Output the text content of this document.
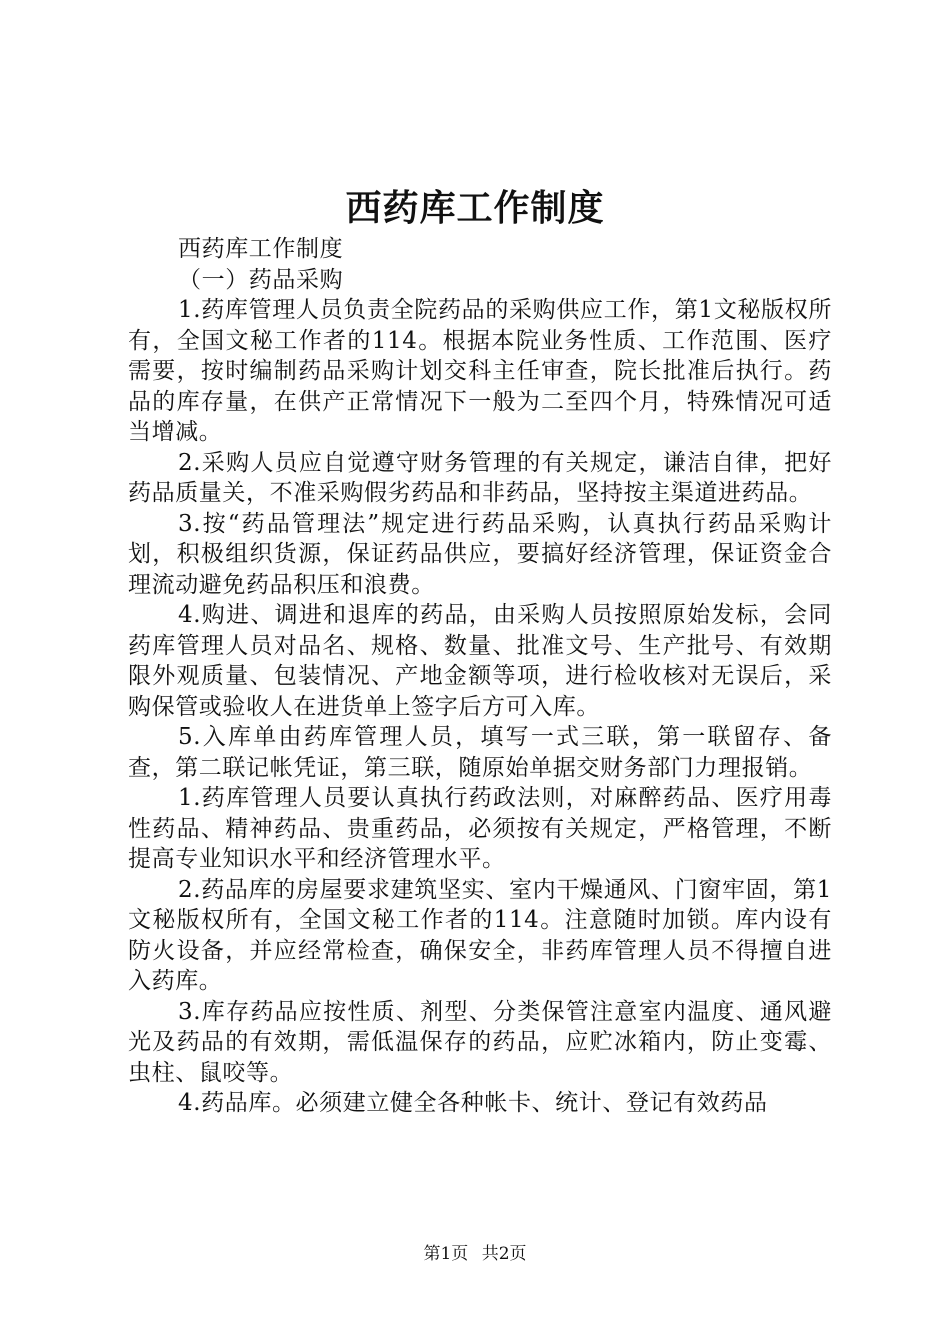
西药库工作制度

西药库工作制度

（一）药品采购

1.药库管理人员负责全院药品的采购供应工作，第1文秘版权所有，全国文秘工作者的114。根据本院业务性质、工作范围、医疗需要，按时编制药品采购计划交科主任审查，院长批准后执行。药品的库存量，在供产正常情况下一般为二至四个月，特殊情况可适当增减。

2.采购人员应自觉遵守财务管理的有关规定，谦洁自律，把好药品质量关，不准采购假劣药品和非药品，坚持按主渠道进药品。

3.按“药品管理法”规定进行药品采购，认真执行药品采购计划，积极组织货源，保证药品供应，要搞好经济管理，保证资金合理流动避免药品积压和浪费。

4.购进、调进和退库的药品，由采购人员按照原始发标，会同药库管理人员对品名、规格、数量、批准文号、生产批号、有效期限外观质量、包装情况、产地金额等项，进行检收核对无误后，采购保管或验收人在进货单上签字后方可入库。

5.入库单由药库管理人员，填写一式三联，第一联留存、备查，第二联记帐凭证，第三联，随原始单据交财务部门力理报销。

1.药库管理人员要认真执行药政法则，对麻醉药品、医疗用毒性药品、精神药品、贵重药品，必须按有关规定，严格管理，不断提高专业知识水平和经济管理水平。

2.药品库的房屋要求建筑坚实、室内干燥通风、门窗牢固，第1文秘版权所有，全国文秘工作者的114。注意随时加锁。库内设有防火设备，并应经常检查，确保安全，非药库管理人员不得擅自进入药库。

3.库存药品应按性质、剂型、分类保管注意室内温度、通风避光及药品的有效期，需低温保存的药品，应贮冰箱内，防止变霉、虫柱、鼠咬等。

4.药品库。必须建立健全各种帐卡、统计、登记有效药品

第1页 共2页
